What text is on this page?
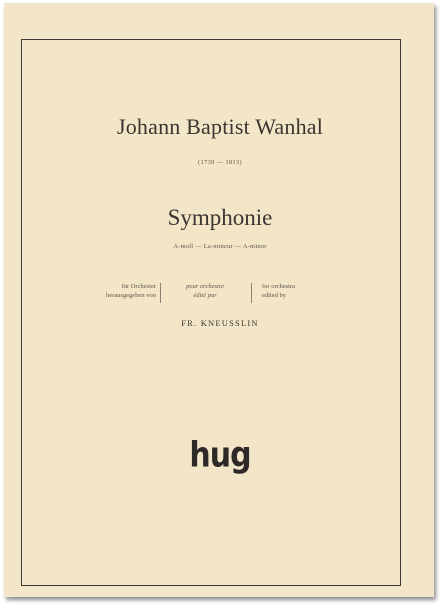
Johann Baptist Wanhal
(1739 — 1813)
Symphonie
A-moll — La-mineur — A-minor
für Orchester
herausgegeben von
pour orchestre
édité par
for orchestra
edited by
FR. KNEUSSLIN
hug
